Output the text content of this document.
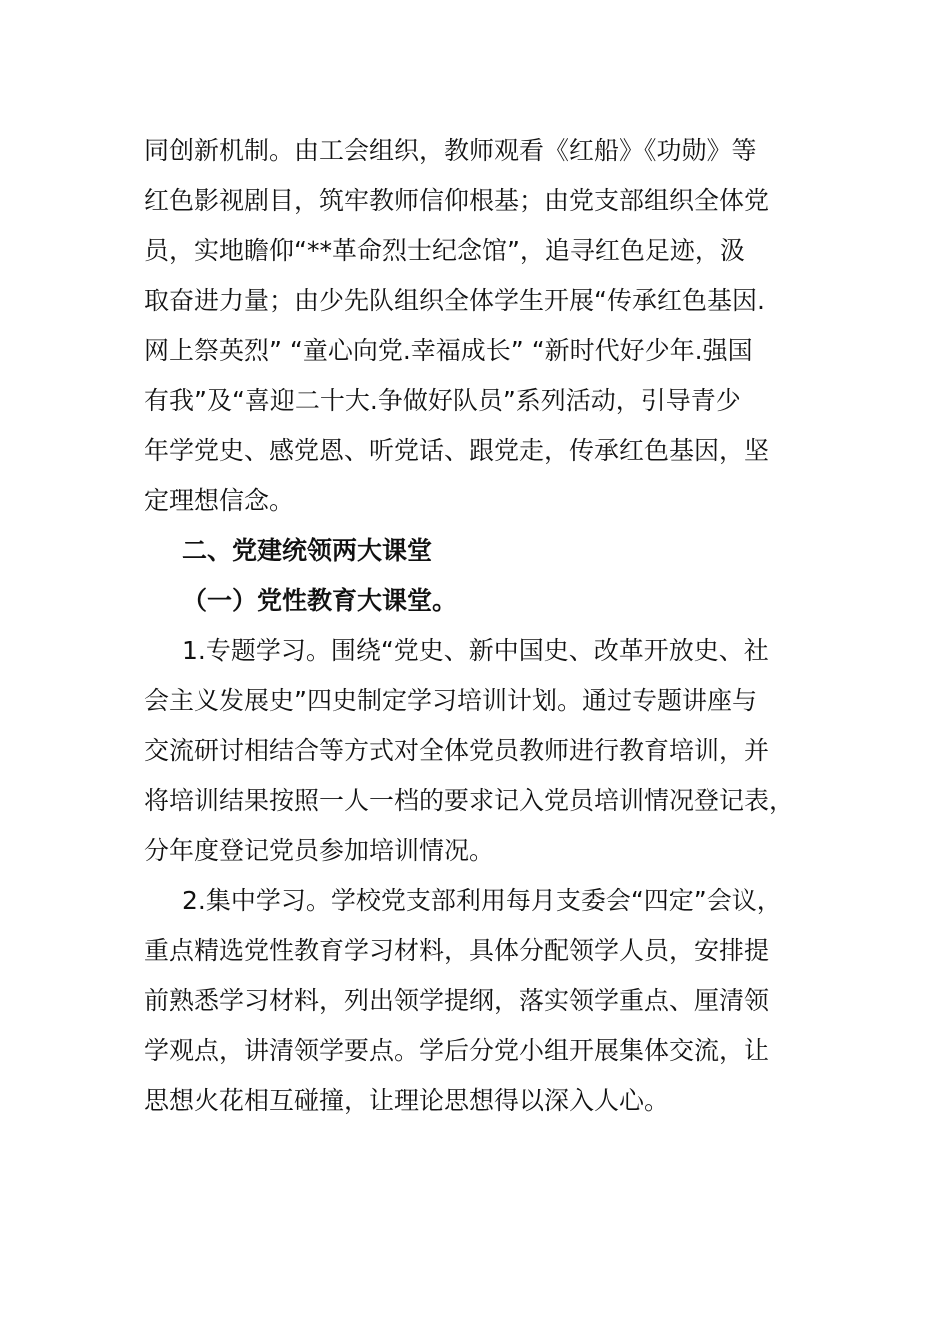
同创新机制。由工会组织，教师观看《红船》《功勋》等
红色影视剧目，筑牢教师信仰根基；由党支部组织全体党
员，实地瞻仰“**革命烈士纪念馆”，追寻红色足迹，汲
取奋进力量；由少先队组织全体学生开展“传承红色基因.
网上祭英烈” “童心向党.幸福成长” “新时代好少年.强国
有我”及“喜迎二十大.争做好队员”系列活动，引导青少
年学党史、感党恩、听党话、跟党走，传承红色基因，坚
定理想信念。
二、党建统领两大课堂
（一）党性教育大课堂。
1.专题学习。围绕“党史、新中国史、改革开放史、社
会主义发展史”四史制定学习培训计划。通过专题讲座与
交流研讨相结合等方式对全体党员教师进行教育培训，并
将培训结果按照一人一档的要求记入党员培训情况登记表，
分年度登记党员参加培训情况。
2.集中学习。学校党支部利用每月支委会“四定”会议，
重点精选党性教育学习材料，具体分配领学人员，安排提
前熟悉学习材料，列出领学提纲，落实领学重点、厘清领
学观点，讲清领学要点。学后分党小组开展集体交流，让
思想火花相互碰撞，让理论思想得以深入人心。
